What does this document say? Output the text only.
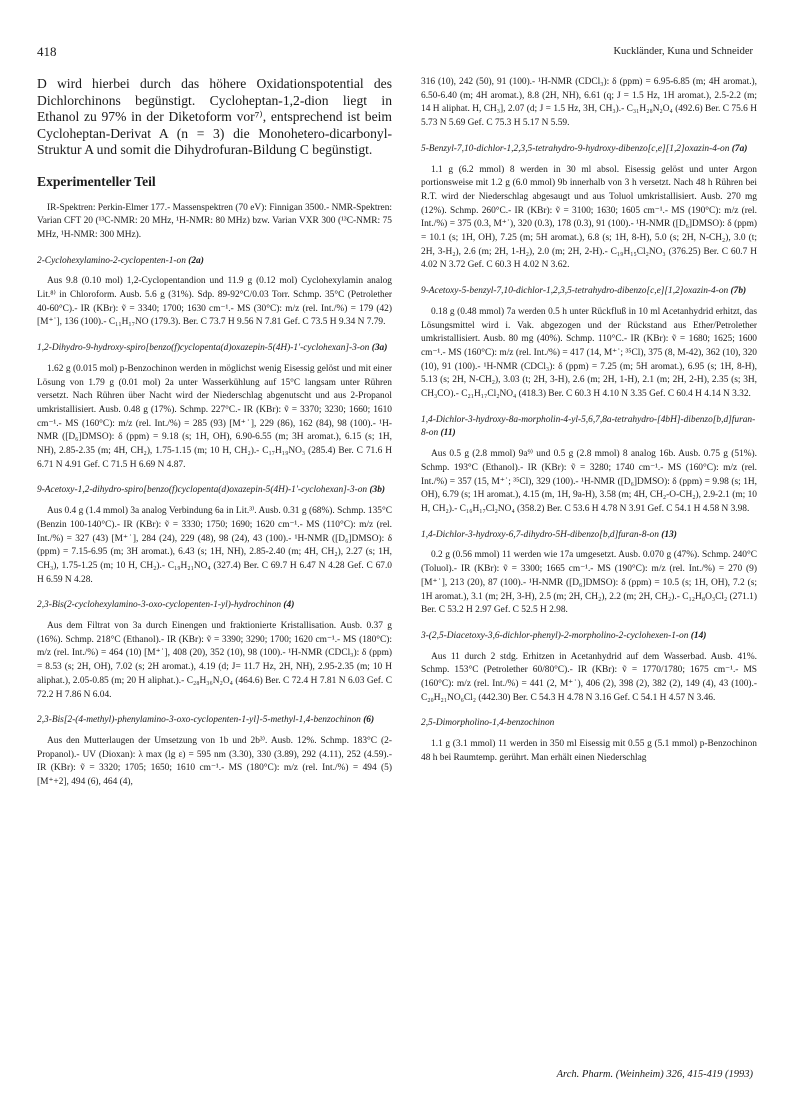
418	Kuckländer, Kuna und Schneider

D wird hierbei durch das höhere Oxidationspotential des Dichlorchinons begünstigt. Cycloheptan-1,2-dion liegt in Ethanol zu 97% in der Diketoform vor⁷⁾, entsprechend ist beim Cycloheptan-Derivat A (n = 3) die Monohetero-dicarbonyl-Struktur A und somit die Dihydrofuran-Bildung C begünstigt.

Experimenteller Teil

IR-Spektren: Perkin-Elmer 177.- Massenspektren (70 eV): Finnigan 3500.- NMR-Spektren: Varian CFT 20 (¹³C-NMR: 20 MHz, ¹H-NMR: 80 MHz) bzw. Varian VXR 300 (¹³C-NMR: 75 MHz, ¹H-NMR: 300 MHz).

2-Cyclohexylamino-2-cyclopenten-1-on (2a)

Aus 9.8 (0.10 mol) 1,2-Cyclopentandion und 11.9 g (0.12 mol) Cyclohexylamin analog Lit.⁸⁾ in Chloroform. Ausb. 5.6 g (31%). Sdp. 89-92°C/0.03 Torr. Schmp. 35°C (Petrolether 40-60°C).- IR (KBr): ṽ = 3340; 1700; 1630 cm⁻¹.- MS (30°C): m/z (rel. Int./%) = 179 (42) [M⁺˙], 136 (100).- C₁₁H₁₇NO (179.3). Ber. C 73.7 H 9.56 N 7.81 Gef. C 73.5 H 9.34 N 7.79.

1,2-Dihydro-9-hydroxy-spiro[benzo(f)cyclopenta(d)oxazepin-5(4H)-1'-cyclohexan]-3-on (3a)

1.62 g (0.015 mol) p-Benzochinon werden in möglichst wenig Eisessig gelöst und mit einer Lösung von 1.79 g (0.01 mol) 2a unter Wasserkühlung auf 15°C langsam unter Rühren versetzt. Nach Rühren über Nacht wird der Niederschlag abgenutscht und aus 2-Propanol umkristallisiert. Ausb. 0.48 g (17%). Schmp. 227°C.- IR (KBr): ṽ = 3370; 3230; 1660; 1610 cm⁻¹.- MS (160°C): m/z (rel. Int./%) = 285 (93) [M⁺˙], 229 (86), 162 (84), 98 (100).- ¹H-NMR ([D₆]DMSO): δ (ppm) = 9.18 (s; 1H, OH), 6.90-6.55 (m; 3H aromat.), 6.15 (s; 1H, NH), 2.85-2.35 (m; 4H, CH₂), 1.75-1.15 (m; 10 H, CH₂).- C₁₇H₁₉NO₃ (285.4) Ber. C 71.6 H 6.71 N 4.91 Gef. C 71.5 H 6.69 N 4.87.

9-Acetoxy-1,2-dihydro-spiro[benzo(f)cyclopenta(d)oxazepin-5(4H)-1'-cyclohexan]-3-on (3b)

Aus 0.4 g (1.4 mmol) 3a analog Verbindung 6a in Lit.³⁾. Ausb. 0.31 g (68%). Schmp. 135°C (Benzin 100-140°C).- IR (KBr): ṽ = 3330; 1750; 1690; 1620 cm⁻¹.- MS (110°C): m/z (rel. Int./%) = 327 (43) [M⁺˙], 284 (24), 229 (48), 98 (24), 43 (100).- ¹H-NMR ([D₆]DMSO): δ (ppm) = 7.15-6.95 (m; 3H aromat.), 6.43 (s; 1H, NH), 2.85-2.40 (m; 4H, CH₂), 2.27 (s; 1H, CH₃), 1.75-1.25 (m; 10 H, CH₂).- C₁₉H₂₁NO₄ (327.4) Ber. C 69.7 H 6.47 N 4.28 Gef. C 67.0 H 6.59 N 4.28.

2,3-Bis(2-cyclohexylamino-3-oxo-cyclopenten-1-yl)-hydrochinon (4)

Aus dem Filtrat von 3a durch Einengen und fraktionierte Kristallisation. Ausb. 0.37 g (16%). Schmp. 218°C (Ethanol).- IR (KBr): ṽ = 3390; 3290; 1700; 1620 cm⁻¹.- MS (180°C): m/z (rel. Int./%) = 464 (10) [M⁺˙], 408 (20), 352 (10), 98 (100).- ¹H-NMR (CDCl₃): δ (ppm) = 8.53 (s; 2H, OH), 7.02 (s; 2H aromat.), 4.19 (d; J= 11.7 Hz, 2H, NH), 2.95-2.35 (m; 10 H aliphat.), 2.05-0.85 (m; 20 H aliphat.).- C₂₈H₃₆N₂O₄ (464.6) Ber. C 72.4 H 7.81 N 6.03 Gef. C 72.2 H 7.86 N 6.04.

2,3-Bis[2-(4-methyl)-phenylamino-3-oxo-cyclopenten-1-yl]-5-methyl-1,4-benzochinon (6)

Aus den Mutterlaugen der Umsetzung von 1b und 2b³⁾. Ausb. 12%. Schmp. 183°C (2-Propanol).- UV (Dioxan): λ max (lg ε) = 595 nm (3.30), 330 (3.89), 292 (4.11), 252 (4.59).- IR (KBr): ṽ = 3320; 1705; 1650; 1610 cm⁻¹.- MS (180°C): m/z (rel. Int./%) = 494 (5) [M⁺+2], 494 (6), 464 (4),

316 (10), 242 (50), 91 (100).- ¹H-NMR (CDCl₃): δ (ppm) = 6.95-6.85 (m; 4H aromat.), 6.50-6.40 (m; 4H aromat.), 8.8 (2H, NH), 6.61 (q; J = 1.5 Hz, 1H aromat.), 2.5-2.2 (m; 14 H aliphat. H, CH₃], 2.07 (d; J = 1.5 Hz, 3H, CH₃).- C₃₁H₂₈N₂O₄ (492.6) Ber. C 75.6 H 5.73 N 5.69 Gef. C 75.3 H 5.17 N 5.59.

5-Benzyl-7,10-dichlor-1,2,3,5-tetrahydro-9-hydroxy-dibenzo[c,e][1,2]oxazin-4-on (7a)

1.1 g (6.2 mmol) 8 werden in 30 ml absol. Eisessig gelöst und unter Argon portionsweise mit 1.2 g (6.0 mmol) 9b innerhalb von 3 h versetzt. Nach 48 h Rühren bei R.T. wird der Niederschlag abgesaugt und aus Toluol umkristallisiert. Ausb. 270 mg (12%). Schmp. 260°C.- IR (KBr): ṽ = 3100; 1630; 1605 cm⁻¹.- MS (190°C): m/z (rel. Int./%) = 375 (0.3, M⁺˙), 320 (0.3), 178 (0.3), 91 (100).- ¹H-NMR ([D₆]DMSO): δ (ppm) = 10.1 (s; 1H, OH), 7.25 (m; 5H aromat.), 6.8 (s; 1H, 8-H), 5.0 (s; 2H, N-CH₂), 3.0 (t; 2H, 3-H₂), 2.6 (m; 2H, 1-H₂), 2.0 (m; 2H, 2-H).- C₁₉H₁₅Cl₂NO₃ (376.25) Ber. C 60.7 H 4.02 N 3.72 Gef. C 60.3 H 4.02 N 3.62.

9-Acetoxy-5-benzyl-7,10-dichlor-1,2,3,5-tetrahydro-dibenzo[c,e][1,2]oxazin-4-on (7b)

0.18 g (0.48 mmol) 7a werden 0.5 h unter Rückfluß in 10 ml Acetanhydrid erhitzt, das Lösungsmittel wird i. Vak. abgezogen und der Rückstand aus Ether/Petrolether umkristallisiert. Ausb. 80 mg (40%). Schmp. 110°C.- IR (KBr): ṽ = 1680; 1625; 1600 cm⁻¹.- MS (160°C): m/z (rel. Int./%) = 417 (14, M⁺˙; ³⁵Cl), 375 (8, M-42), 362 (10), 320 (10), 91 (100).- ¹H-NMR (CDCl₃): δ (ppm) = 7.25 (m; 5H aromat.), 6.95 (s; 1H, 8-H), 5.13 (s; 2H, N-CH₂), 3.03 (t; 2H, 3-H), 2.6 (m; 2H, 1-H), 2.1 (m; 2H, 2-H), 2.35 (s; 3H, CH₃CO).- C₂₁H₁₇Cl₂NO₄ (418.3) Ber. C 60.3 H 4.10 N 3.35 Gef. C 60.4 H 4.14 N 3.32.

1,4-Dichlor-3-hydroxy-8a-morpholin-4-yl-5,6,7,8a-tetrahydro-[4bH]-dibenzo[b,d]furan-8-on (11)

Aus 0.5 g (2.8 mmol) 9a⁹⁾ und 0.5 g (2.8 mmol) 8 analog 16b. Ausb. 0.75 g (51%). Schmp. 193°C (Ethanol).- IR (KBr): ṽ = 3280; 1740 cm⁻¹.- MS (160°C): m/z (rel. Int./%) = 357 (15, M⁺˙; ³⁵Cl), 329 (100).- ¹H-NMR ([D₆]DMSO): δ (ppm) = 9.98 (s; 1H, OH), 6.79 (s; 1H aromat.), 4.15 (m, 1H, 9a-H), 3.58 (m; 4H, CH₂-O-CH₂), 2.9-2.1 (m; 10 H, CH₂).- C₁₆H₁₇Cl₂NO₄ (358.2) Ber. C 53.6 H 4.78 N 3.91 Gef. C 54.1 H 4.58 N 3.98.

1,4-Dichlor-3-hydroxy-6,7-dihydro-5H-dibenzo[b,d]furan-8-on (13)

0.2 g (0.56 mmol) 11 werden wie 17a umgesetzt. Ausb. 0.070 g (47%). Schmp. 240°C (Toluol).- IR (KBr): ṽ = 3300; 1665 cm⁻¹.- MS (190°C): m/z (rel. Int./%) = 270 (9) [M⁺˙], 213 (20), 87 (100).- ¹H-NMR ([D₆]DMSO): δ (ppm) = 10.5 (s; 1H, OH), 7.2 (s; 1H aromat.), 3.1 (m; 2H, 3-H), 2.5 (m; 2H, CH₂), 2.2 (m; 2H, CH₂).- C₁₂H₈O₃Cl₂ (271.1) Ber. C 53.2 H 2.97 Gef. C 52.5 H 2.98.

3-(2,5-Diacetoxy-3,6-dichlor-phenyl)-2-morpholino-2-cyclohexen-1-on (14)

Aus 11 durch 2 stdg. Erhitzen in Acetanhydrid auf dem Wasserbad. Ausb. 41%. Schmp. 153°C (Petrolether 60/80°C).- IR (KBr): ṽ = 1770/1780; 1675 cm⁻¹.- MS (160°C): m/z (rel. Int./%) = 441 (2, M⁺˙), 406 (2), 398 (2), 382 (2), 149 (4), 43 (100).- C₂₀H₂₁NO₆Cl₂ (442.30) Ber. C 54.3 H 4.78 N 3.16 Gef. C 54.1 H 4.57 N 3.46.

2,5-Dimorpholino-1,4-benzochinon

1.1 g (3.1 mmol) 11 werden in 350 ml Eisessig mit 0.55 g (5.1 mmol) p-Benzochinon 48 h bei Raumtemp. gerührt. Man erhält einen Niederschlag

Arch. Pharm. (Weinheim) 326, 415-419 (1993)
